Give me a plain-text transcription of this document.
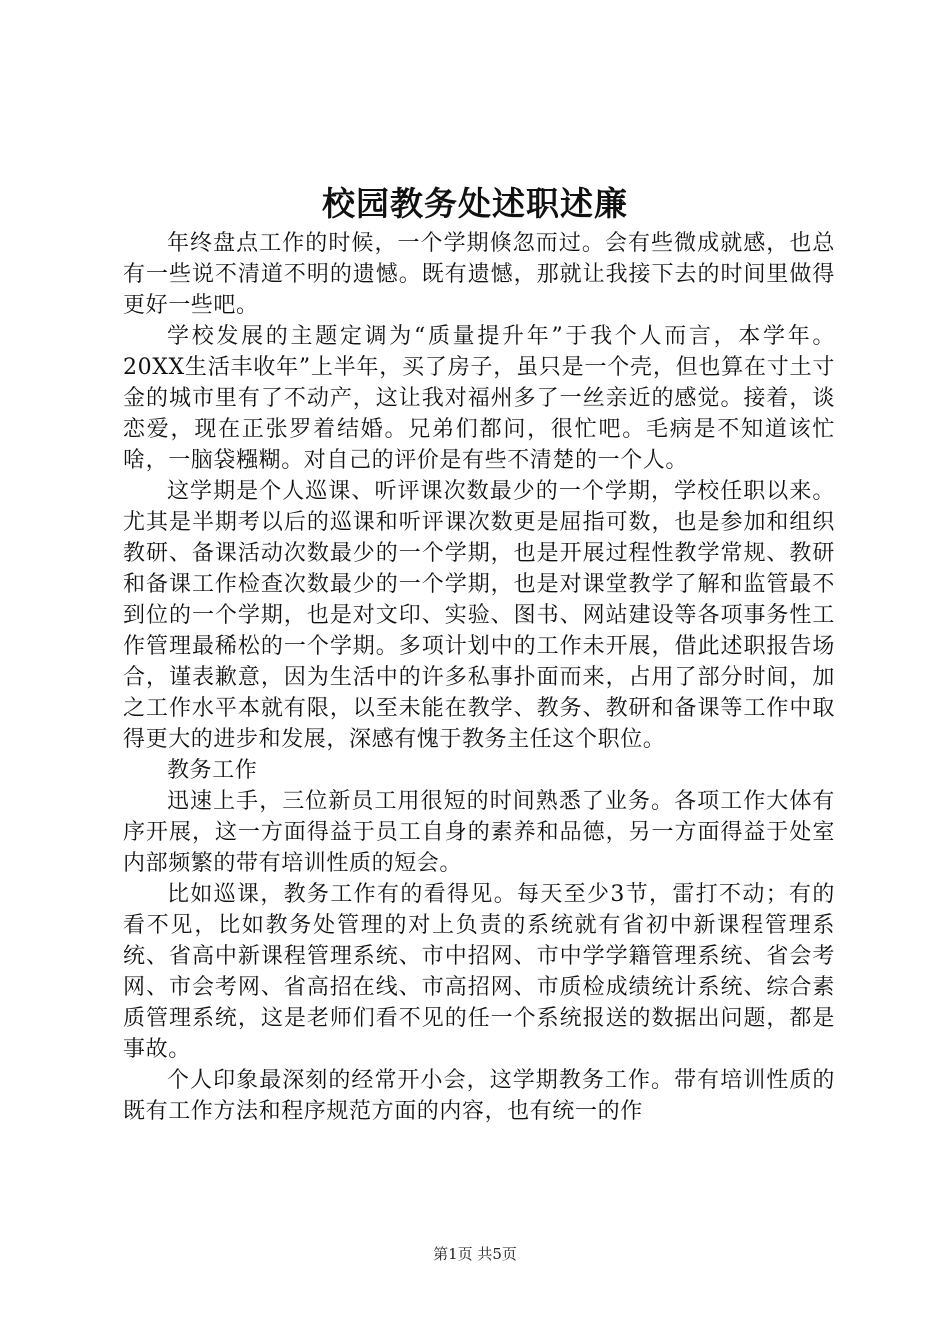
校园教务处述职述廉

年终盘点工作的时候，一个学期倏忽而过。会有些微成就感，也总有一些说不清道不明的遗憾。既有遗憾，那就让我接下去的时间里做得更好一些吧。

学校发展的主题定调为“质量提升年”于我个人而言，本学年。20XX生活丰收年”上半年，买了房子，虽只是一个壳，但也算在寸土寸金的城市里有了不动产，这让我对福州多了一丝亲近的感觉。接着，谈恋爱，现在正张罗着结婚。兄弟们都问，很忙吧。毛病是不知道该忙啥，一脑袋糨糊。对自己的评价是有些不清楚的一个人。

这学期是个人巡课、听评课次数最少的一个学期，学校任职以来。尤其是半期考以后的巡课和听评课次数更是屈指可数，也是参加和组织教研、备课活动次数最少的一个学期，也是开展过程性教学常规、教研和备课工作检查次数最少的一个学期，也是对课堂教学了解和监管最不到位的一个学期，也是对文印、实验、图书、网站建设等各项事务性工作管理最稀松的一个学期。多项计划中的工作未开展，借此述职报告场合，谨表歉意，因为生活中的许多私事扑面而来，占用了部分时间，加之工作水平本就有限，以至未能在教学、教务、教研和备课等工作中取得更大的进步和发展，深感有愧于教务主任这个职位。

教务工作

迅速上手，三位新员工用很短的时间熟悉了业务。各项工作大体有序开展，这一方面得益于员工自身的素养和品德，另一方面得益于处室内部频繁的带有培训性质的短会。

比如巡课，教务工作有的看得见。每天至少3节，雷打不动；有的看不见，比如教务处管理的对上负责的系统就有省初中新课程管理系统、省高中新课程管理系统、市中招网、市中学学籍管理系统、省会考网、市会考网、省高招在线、市高招网、市质检成绩统计系统、综合素质管理系统，这是老师们看不见的任一个系统报送的数据出问题，都是事故。

个人印象最深刻的经常开小会，这学期教务工作。带有培训性质的既有工作方法和程序规范方面的内容，也有统一的作

第1页 共5页
